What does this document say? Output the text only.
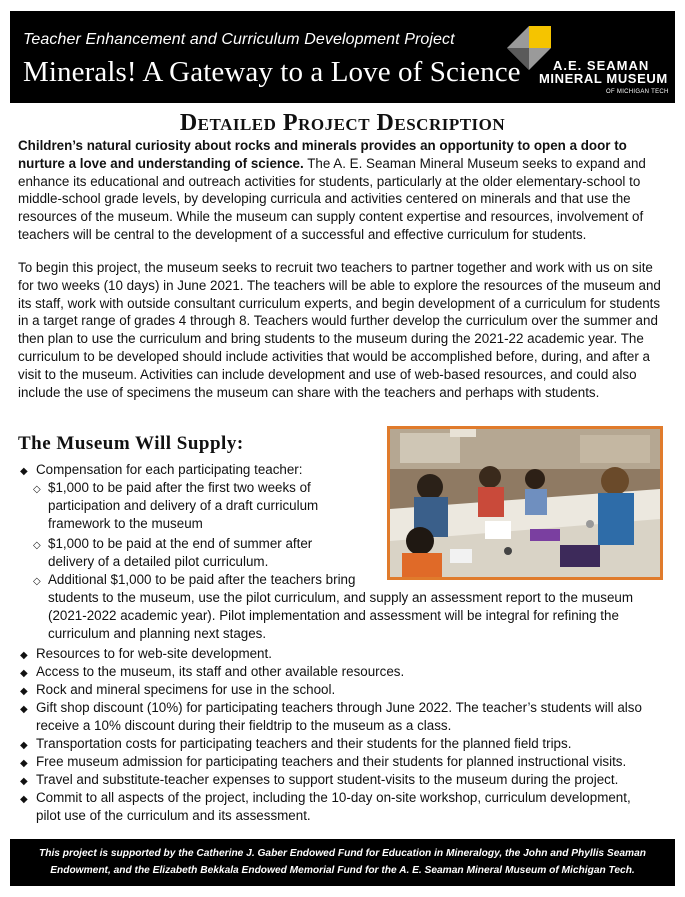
Teacher Enhancement and Curriculum Development Project
Minerals! A Gateway to a Love of Science A.E. SEAMAN
MINERAL MUSEUM
OF MICHIGAN TECH
Detailed Project Description
Children’s natural curiosity about rocks and minerals provides an opportunity to open a door to nurture a love and understanding of science. The A. E. Seaman Mineral Museum seeks to expand and enhance its educational and outreach activities for students, particularly at the older elementary-school to middle-school grade levels, by developing curricula and activities centered on minerals and that use the resources of the museum. While the museum can supply content expertise and resources, involvement of teachers will be central to the development of a successful and effective curriculum for students.
To begin this project, the museum seeks to recruit two teachers to partner together and work with us on site for two weeks (10 days) in June 2021. The teachers will be able to explore the resources of the museum and its staff, work with outside consultant curriculum experts, and begin development of a curriculum for students in a target range of grades 4 through 8. Teachers would further develop the curriculum over the summer and then plan to use the curriculum and bring students to the museum during the 2021-22 academic year. The curriculum to be developed should include activities that would be accomplished before, during, and after a visit to the museum. Activities can include development and use of web-based resources, and could also include the use of specimens the museum can share with the teachers and perhaps with students.
The Museum Will Supply:
◆ Compensation for each participating teacher:
◇ $1,000 to be paid after the first two weeks of
participation and delivery of a draft curriculum
framework to the museum
◇ $1,000 to be paid at the end of summer after
delivery of a detailed pilot curriculum.
◇ Additional $1,000 to be paid after the teachers bring
students to the museum, use the pilot curriculum, and supply an assessment report to the museum
(2021-2022 academic year). Pilot implementation and assessment will be integral for refining the
curriculum and planning next stages.
◆ Resources to for web-site development.
◆ Access to the museum, its staff and other available resources.
◆ Rock and mineral specimens for use in the school.
◆ Gift shop discount (10%) for participating teachers through June 2022. The teacher’s students will also
receive a 10% discount during their fieldtrip to the museum as a class.
◆ Transportation costs for participating teachers and their students for the planned field trips.
◆ Free museum admission for participating teachers and their students for planned instructional visits.
◆ Travel and substitute-teacher expenses to support student-visits to the museum during the project.
◆ Commit to all aspects of the project, including the 10-day on-site workshop, curriculum development,
pilot use of the curriculum and its assessment.
This project is supported by the Catherine J. Gaber Endowed Fund for Education in Mineralogy, the John and Phyllis Seaman
Endowment, and the Elizabeth Bekkala Endowed Memorial Fund for the A. E. Seaman Mineral Museum of Michigan Tech.
